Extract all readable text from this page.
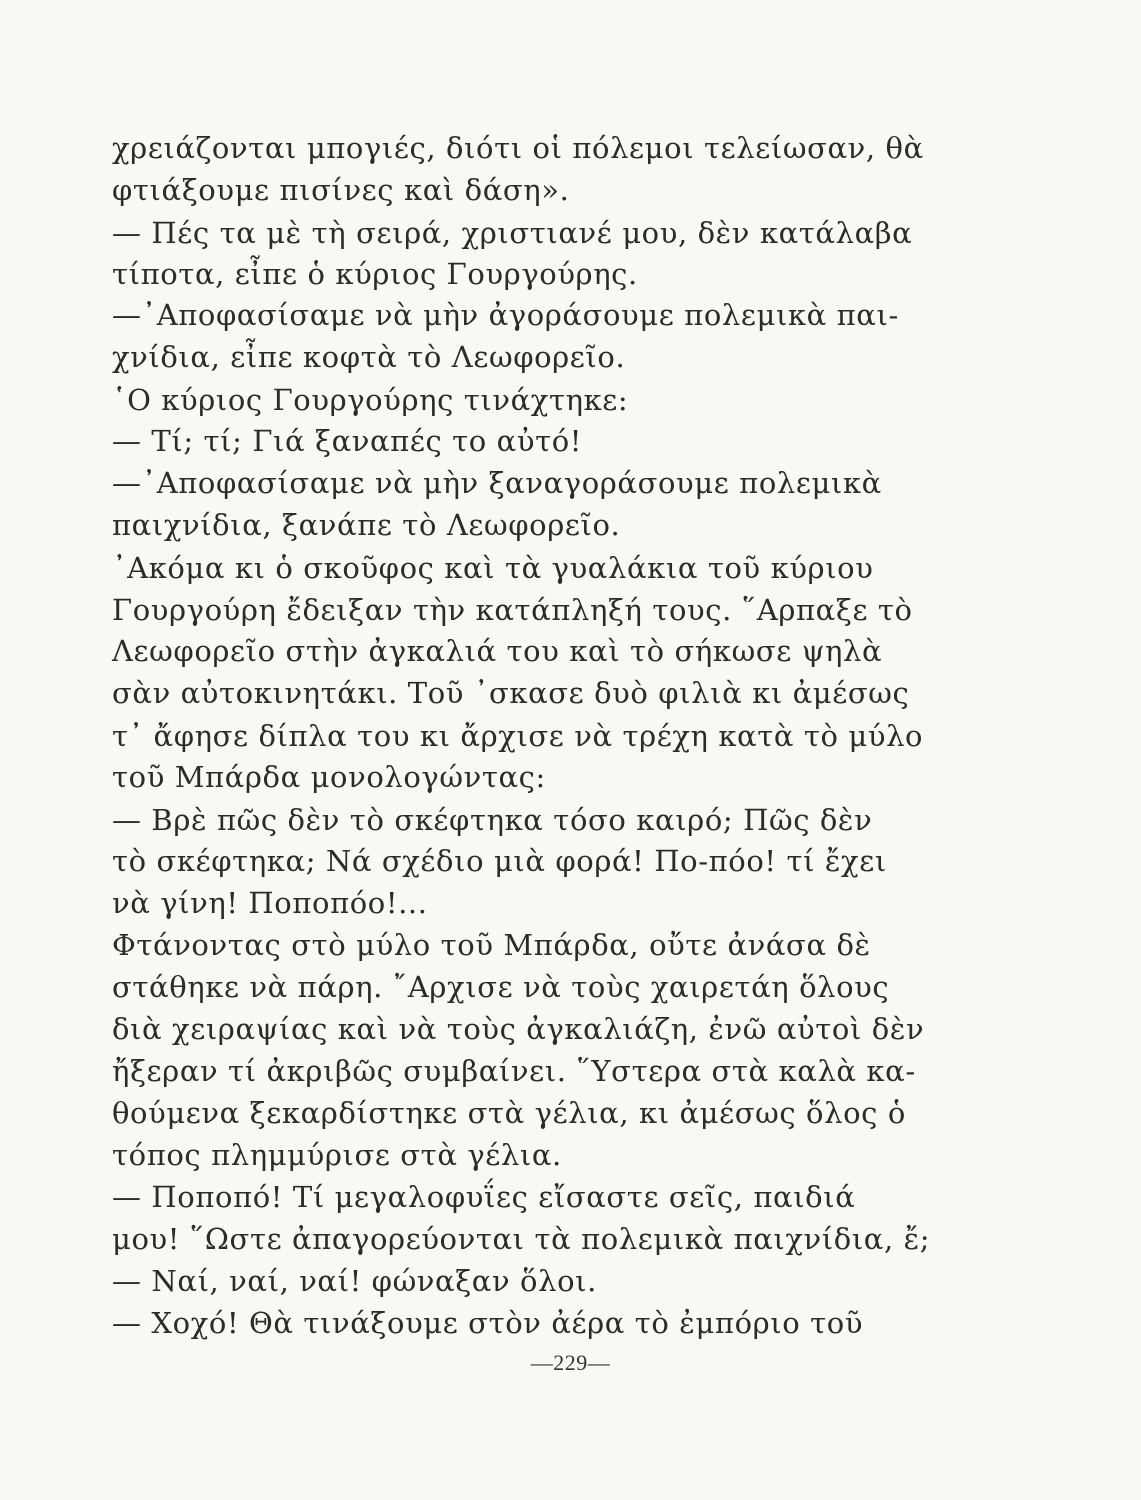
χρειάζονται μπογιές, διότι οἱ πόλεμοι τελείωσαν, θὰ
φτιάξουμε πισίνες καὶ δάση».
— Πές τα μὲ τὴ σειρά, χριστιανέ μου, δὲν κατάλαβα
τίποτα, εἶπε ὁ κύριος Γουργούρης.
—᾿Αποφασίσαμε νὰ μὴν ἀγοράσουμε πολεμικὰ παι-
χνίδια, εἶπε κοφτὰ τὸ Λεωφορεῖο.
῾Ο κύριος Γουργούρης τινάχτηκε:
— Τί; τί; Γιά ξαναπές το αὐτό!
—᾿Αποφασίσαμε νὰ μὴν ξαναγοράσουμε πολεμικὰ
παιχνίδια, ξανάπε τὸ Λεωφορεῖο.
᾿Ακόμα κι ὁ σκοῦφος καὶ τὰ γυαλάκια τοῦ κύριου
Γουργούρη ἔδειξαν τὴν κατάπληξή τους. ῞Αρπαξε τὸ
Λεωφορεῖο στὴν ἀγκαλιά του καὶ τὸ σήκωσε ψηλὰ
σὰν αὐτοκινητάκι. Τοῦ ᾿σκασε δυὸ φιλιὰ κι ἀμέσως
τ᾿ ἄφησε δίπλα του κι ἄρχισε νὰ τρέχη κατὰ τὸ μύλο
τοῦ Μπάρδα μονολογώντας:
— Βρὲ πῶς δὲν τὸ σκέφτηκα τόσο καιρό; Πῶς δὲν
τὸ σκέφτηκα; Νά σχέδιο μιὰ φορά! Πο-πόο! τί ἔχει
νὰ γίνη! Ποποπόο!...
Φτάνοντας στὸ μύλο τοῦ Μπάρδα, οὔτε ἀνάσα δὲ
στάθηκε νὰ πάρη. ῎Αρχισε νὰ τοὺς χαιρετάη ὅλους
διὰ χειραψίας καὶ νὰ τοὺς ἀγκαλιάζη, ἐνῶ αὐτοὶ δὲν
ἤξεραν τί ἀκριβῶς συμβαίνει. ῞Υστερα στὰ καλὰ κα-
θούμενα ξεκαρδίστηκε στὰ γέλια, κι ἀμέσως ὅλος ὁ
τόπος πλημμύρισε στὰ γέλια.
— Ποποπό! Τί μεγαλοφυΐες εἴσαστε σεῖς, παιδιά
μου! ῞Ωστε ἀπαγορεύονται τὰ πολεμικὰ παιχνίδια, ἔ;
— Ναί, ναί, ναί! φώναξαν ὅλοι.
— Χοχό! Θὰ τινάξουμε στὸν ἀέρα τὸ ἐμπόριο τοῦ
—229—
